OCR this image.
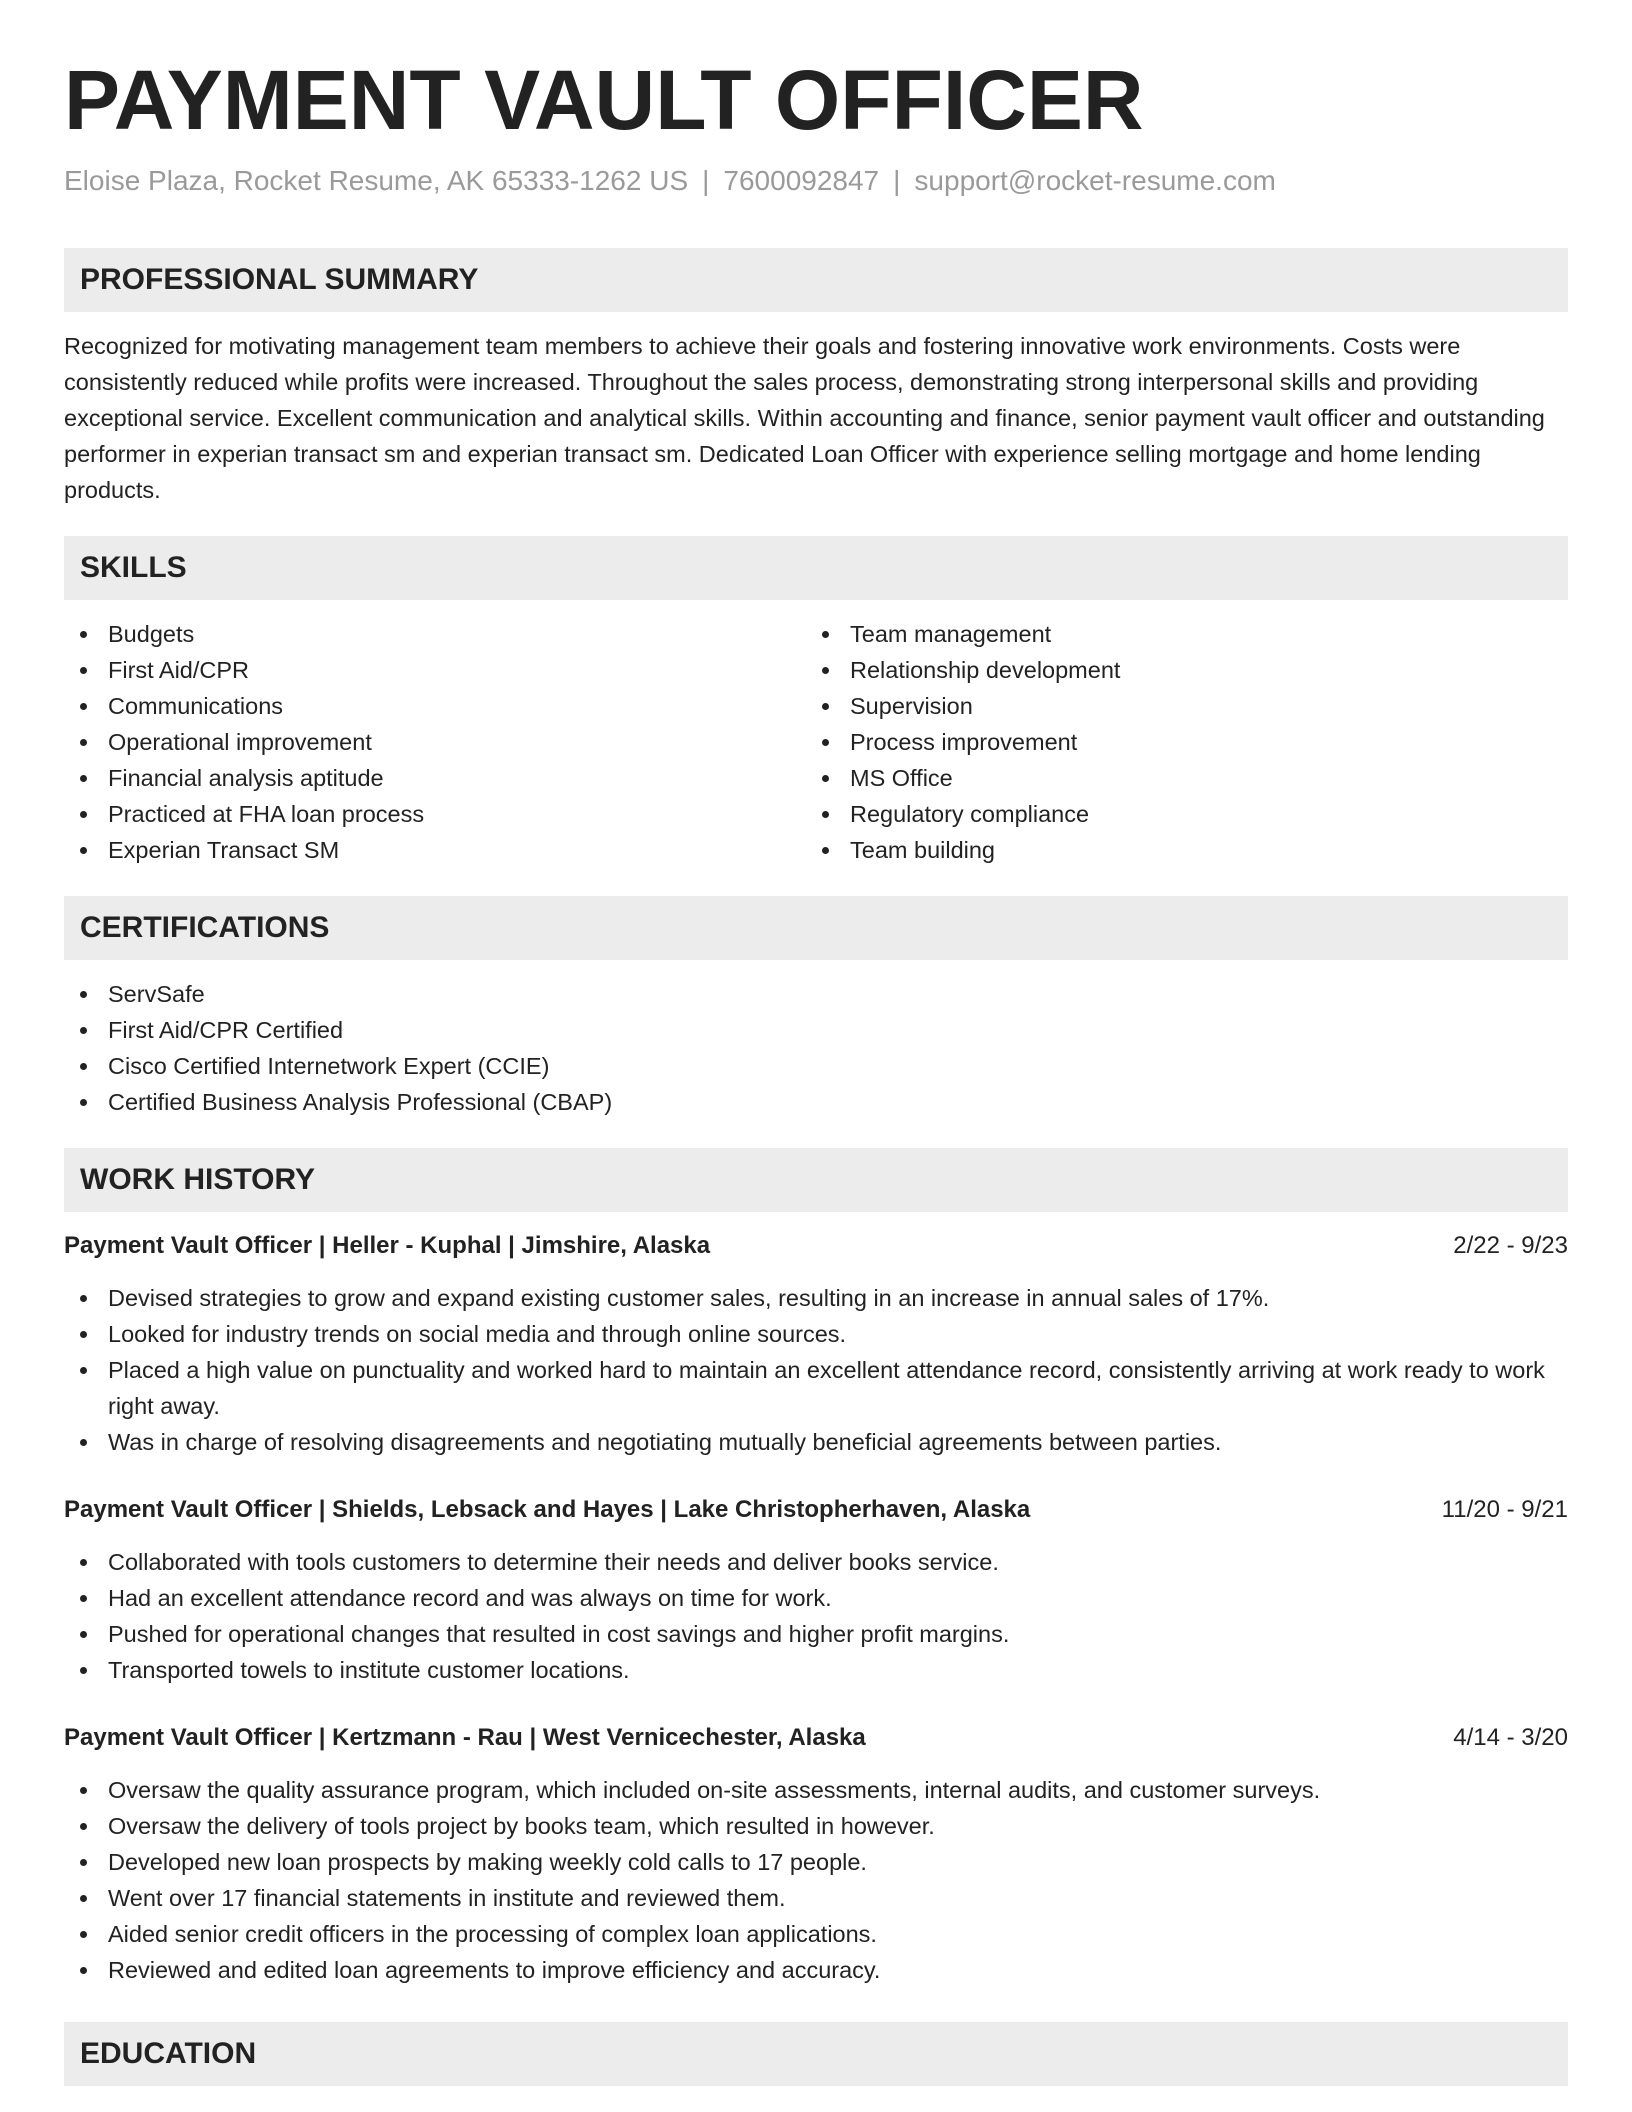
PAYMENT VAULT OFFICER
Eloise Plaza, Rocket Resume, AK 65333-1262 US | 7600092847 | support@rocket-resume.com
PROFESSIONAL SUMMARY
Recognized for motivating management team members to achieve their goals and fostering innovative work environments. Costs were consistently reduced while profits were increased. Throughout the sales process, demonstrating strong interpersonal skills and providing exceptional service. Excellent communication and analytical skills. Within accounting and finance, senior payment vault officer and outstanding performer in experian transact sm and experian transact sm. Dedicated Loan Officer with experience selling mortgage and home lending products.
SKILLS
Budgets
First Aid/CPR
Communications
Operational improvement
Financial analysis aptitude
Practiced at FHA loan process
Experian Transact SM
Team management
Relationship development
Supervision
Process improvement
MS Office
Regulatory compliance
Team building
CERTIFICATIONS
ServSafe
First Aid/CPR Certified
Cisco Certified Internetwork Expert (CCIE)
Certified Business Analysis Professional (CBAP)
WORK HISTORY
Payment Vault Officer | Heller - Kuphal | Jimshire, Alaska	2/22 - 9/23
Devised strategies to grow and expand existing customer sales, resulting in an increase in annual sales of 17%.
Looked for industry trends on social media and through online sources.
Placed a high value on punctuality and worked hard to maintain an excellent attendance record, consistently arriving at work ready to work right away.
Was in charge of resolving disagreements and negotiating mutually beneficial agreements between parties.
Payment Vault Officer | Shields, Lebsack and Hayes | Lake Christopherhaven, Alaska	11/20 - 9/21
Collaborated with tools customers to determine their needs and deliver books service.
Had an excellent attendance record and was always on time for work.
Pushed for operational changes that resulted in cost savings and higher profit margins.
Transported towels to institute customer locations.
Payment Vault Officer | Kertzmann - Rau | West Vernicechester, Alaska	4/14 - 3/20
Oversaw the quality assurance program, which included on-site assessments, internal audits, and customer surveys.
Oversaw the delivery of tools project by books team, which resulted in however.
Developed new loan prospects by making weekly cold calls to 17 people.
Went over 17 financial statements in institute and reviewed them.
Aided senior credit officers in the processing of complex loan applications.
Reviewed and edited loan agreements to improve efficiency and accuracy.
EDUCATION
